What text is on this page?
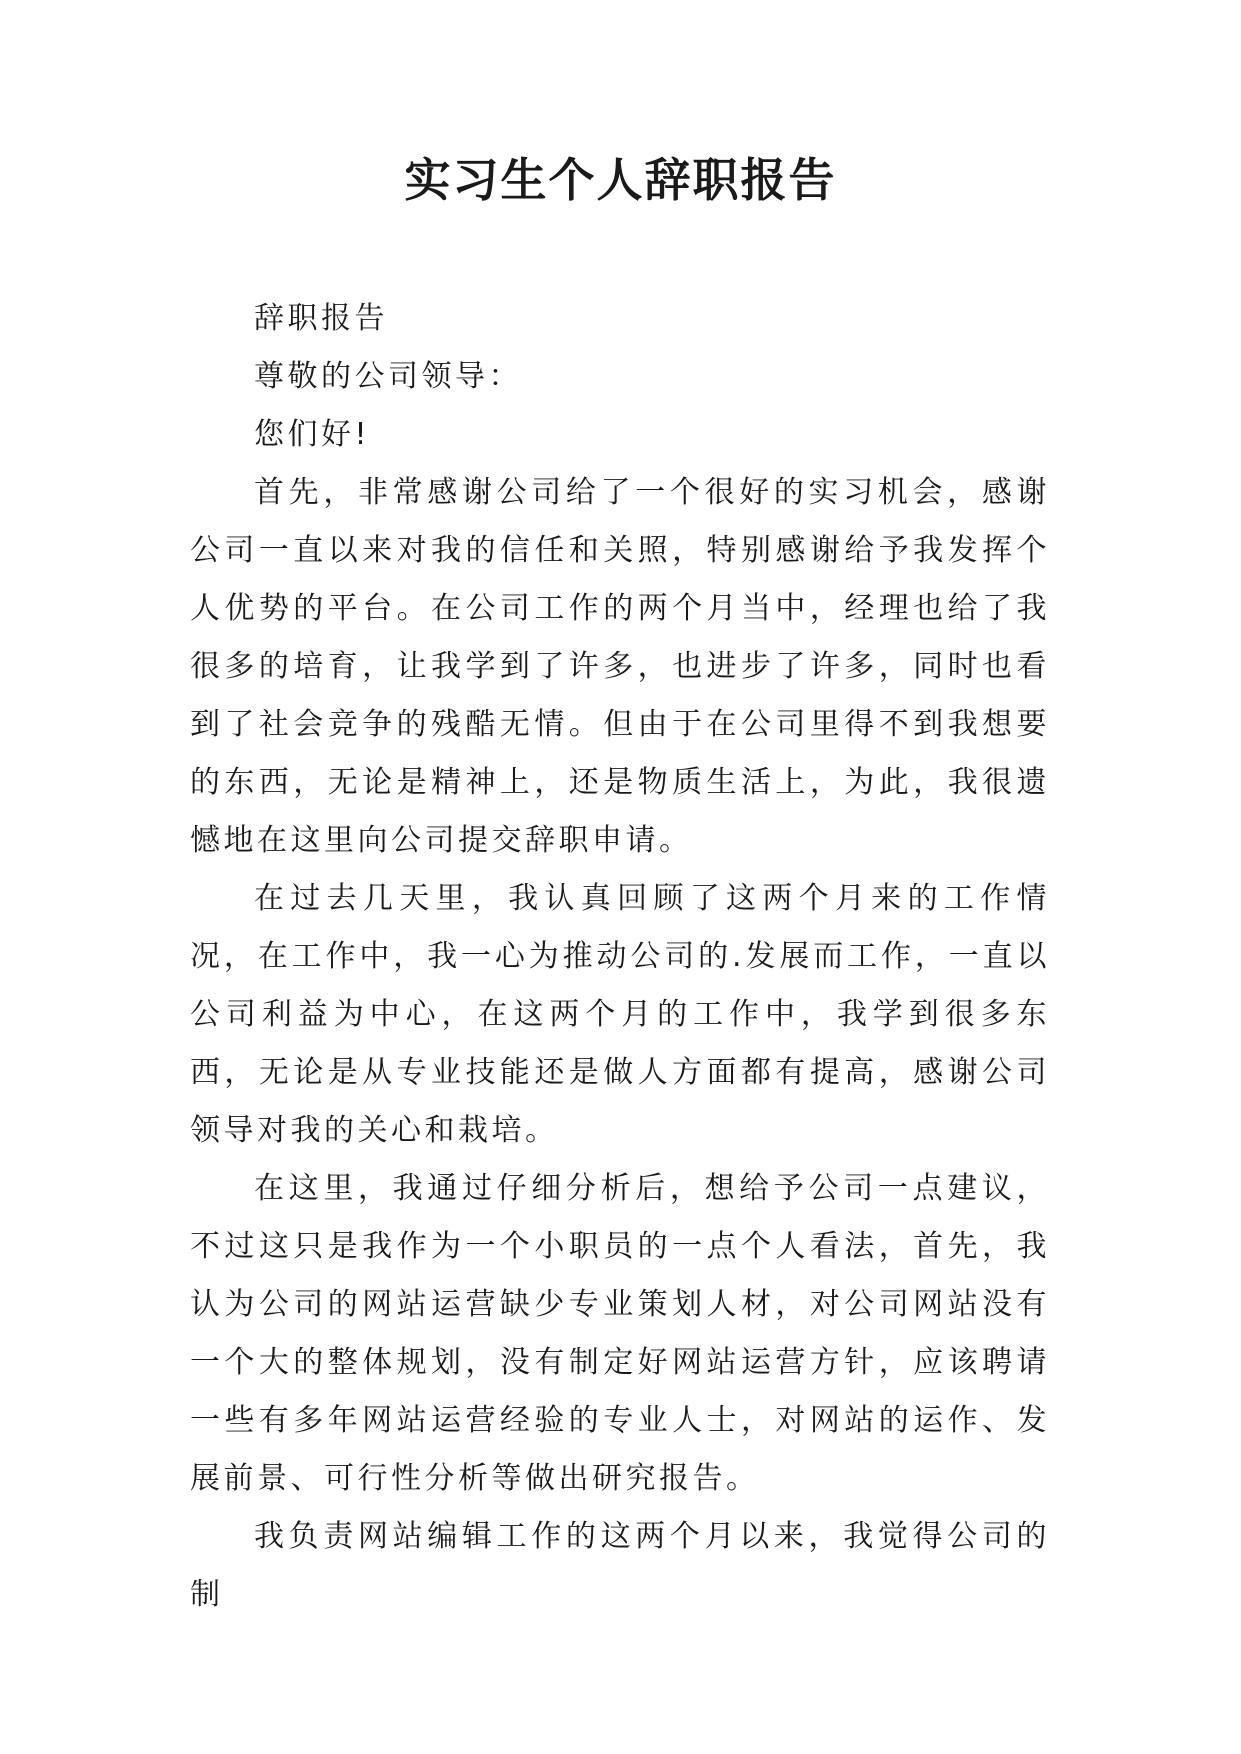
实习生个人辞职报告

辞职报告

尊敬的公司领导：

您们好!

首先，非常感谢公司给了一个很好的实习机会，感谢公司一直以来对我的信任和关照，特别感谢给予我发挥个人优势的平台。在公司工作的两个月当中，经理也给了我很多的培育，让我学到了许多，也进步了许多，同时也看到了社会竞争的残酷无情。但由于在公司里得不到我想要的东西，无论是精神上，还是物质生活上，为此，我很遗憾地在这里向公司提交辞职申请。

在过去几天里，我认真回顾了这两个月来的工作情况，在工作中，我一心为推动公司的.发展而工作，一直以公司利益为中心，在这两个月的工作中，我学到很多东西，无论是从专业技能还是做人方面都有提高，感谢公司领导对我的关心和栽培。

在这里，我通过仔细分析后，想给予公司一点建议，不过这只是我作为一个小职员的一点个人看法，首先，我认为公司的网站运营缺少专业策划人材，对公司网站没有一个大的整体规划，没有制定好网站运营方针，应该聘请一些有多年网站运营经验的专业人士，对网站的运作、发展前景、可行性分析等做出研究报告。

我负责网站编辑工作的这两个月以来，我觉得公司的制
